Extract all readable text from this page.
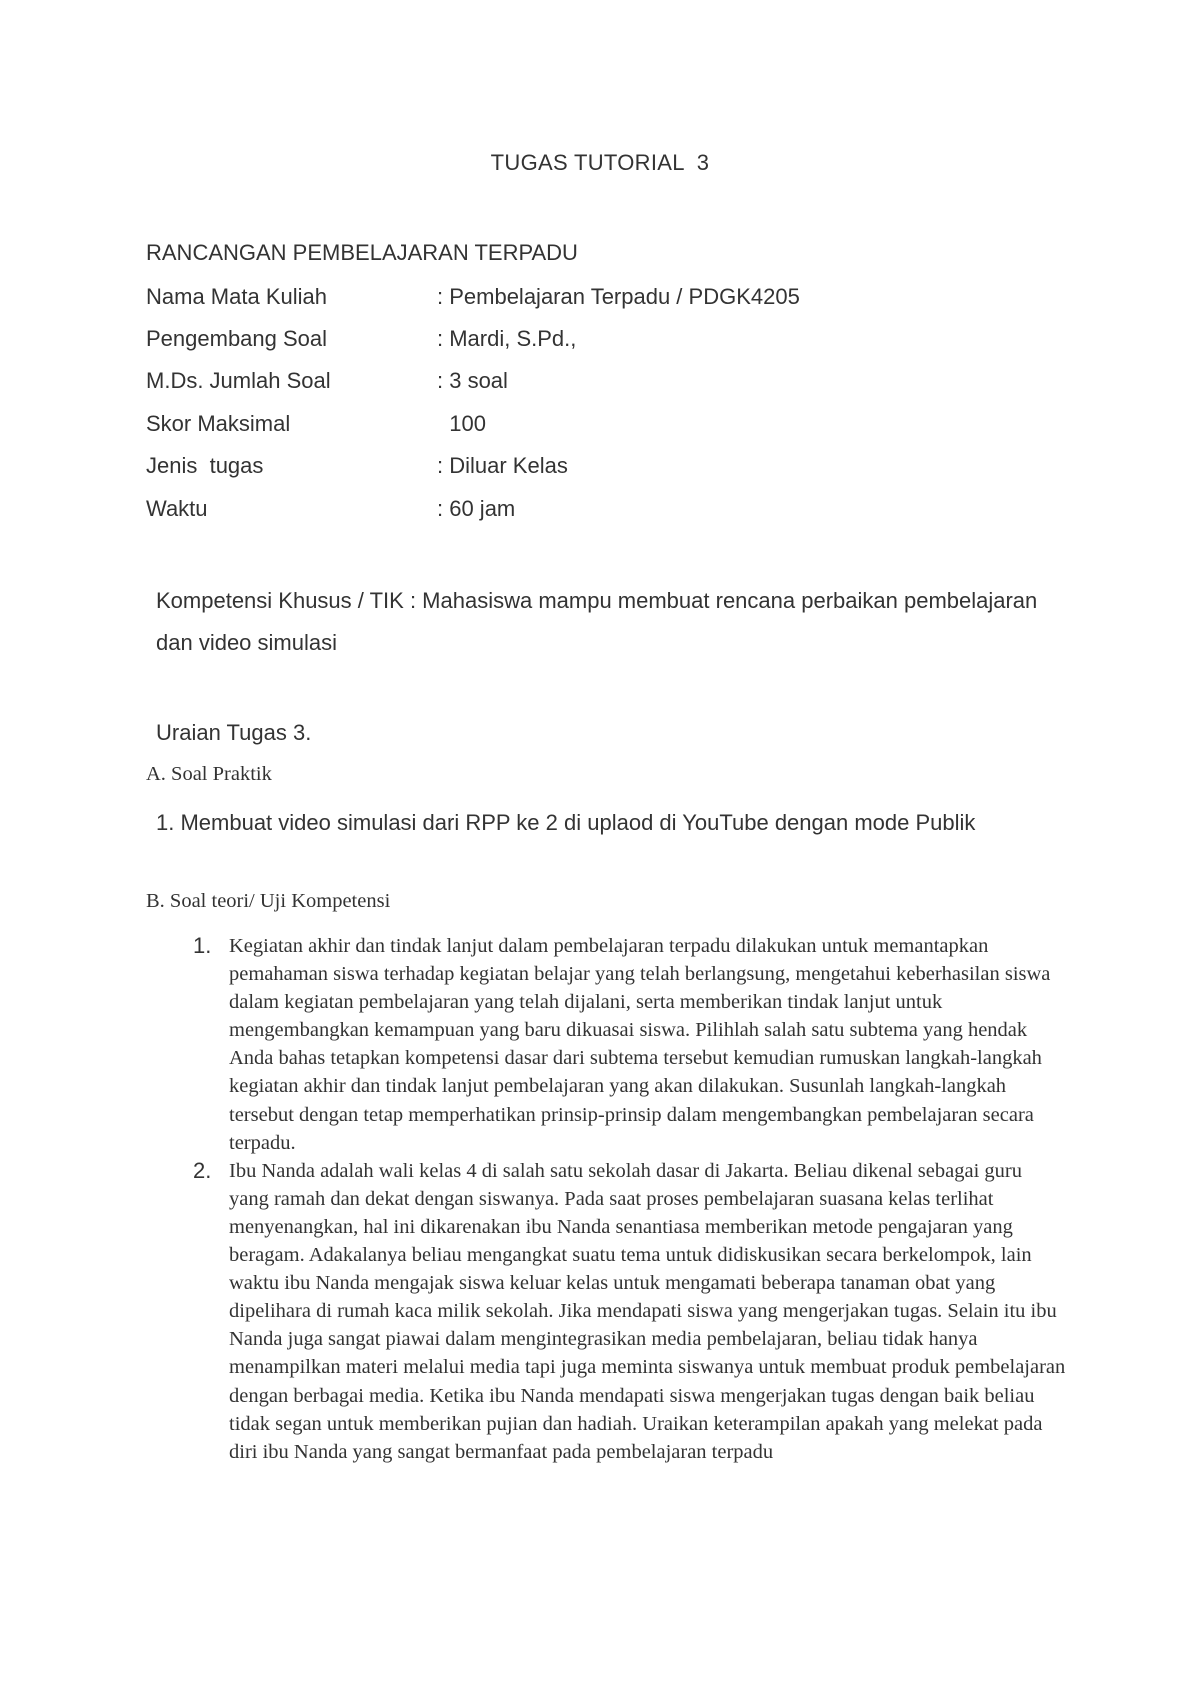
TUGAS TUTORIAL  3

RANCANGAN PEMBELAJARAN TERPADU

Nama Mata Kuliah	: Pembelajaran Terpadu / PDGK4205
Pengembang Soal	: Mardi, S.Pd.,
M.Ds. Jumlah Soal	: 3 soal
Skor Maksimal	100
Jenis  tugas	: Diluar Kelas
Waktu	: 60 jam

Kompetensi Khusus / TIK : Mahasiswa mampu membuat rencana perbaikan pembelajaran dan video simulasi

Uraian Tugas 3.

A. Soal Praktik

1. Membuat video simulasi dari RPP ke 2 di uplaod di YouTube dengan mode Publik

B. Soal teori/ Uji Kompetensi

1. Kegiatan akhir dan tindak lanjut dalam pembelajaran terpadu dilakukan untuk memantapkan pemahaman siswa terhadap kegiatan belajar yang telah berlangsung, mengetahui keberhasilan siswa dalam kegiatan pembelajaran yang telah dijalani, serta memberikan tindak lanjut untuk mengembangkan kemampuan yang baru dikuasai siswa. Pilihlah salah satu subtema yang hendak Anda bahas tetapkan kompetensi dasar dari subtema tersebut kemudian rumuskan langkah-langkah kegiatan akhir dan tindak lanjut pembelajaran yang akan dilakukan. Susunlah langkah-langkah tersebut dengan tetap memperhatikan prinsip-prinsip dalam mengembangkan pembelajaran secara terpadu.
2. Ibu Nanda adalah wali kelas 4 di salah satu sekolah dasar di Jakarta. Beliau dikenal sebagai guru yang ramah dan dekat dengan siswanya. Pada saat proses pembelajaran suasana kelas terlihat menyenangkan, hal ini dikarenakan ibu Nanda senantiasa memberikan metode pengajaran yang beragam. Adakalanya beliau mengangkat suatu tema untuk didiskusikan secara berkelompok, lain waktu ibu Nanda mengajak siswa keluar kelas untuk mengamati beberapa tanaman obat yang dipelihara di rumah kaca milik sekolah. Jika mendapati siswa yang mengerjakan tugas. Selain itu ibu Nanda juga sangat piawai dalam mengintegrasikan media pembelajaran, beliau tidak hanya menampilkan materi melalui media tapi juga meminta siswanya untuk membuat produk pembelajaran dengan berbagai media. Ketika ibu Nanda mendapati siswa mengerjakan tugas dengan baik beliau tidak segan untuk memberikan pujian dan hadiah. Uraikan keterampilan apakah yang melekat pada diri ibu Nanda yang sangat bermanfaat pada pembelajaran terpadu
